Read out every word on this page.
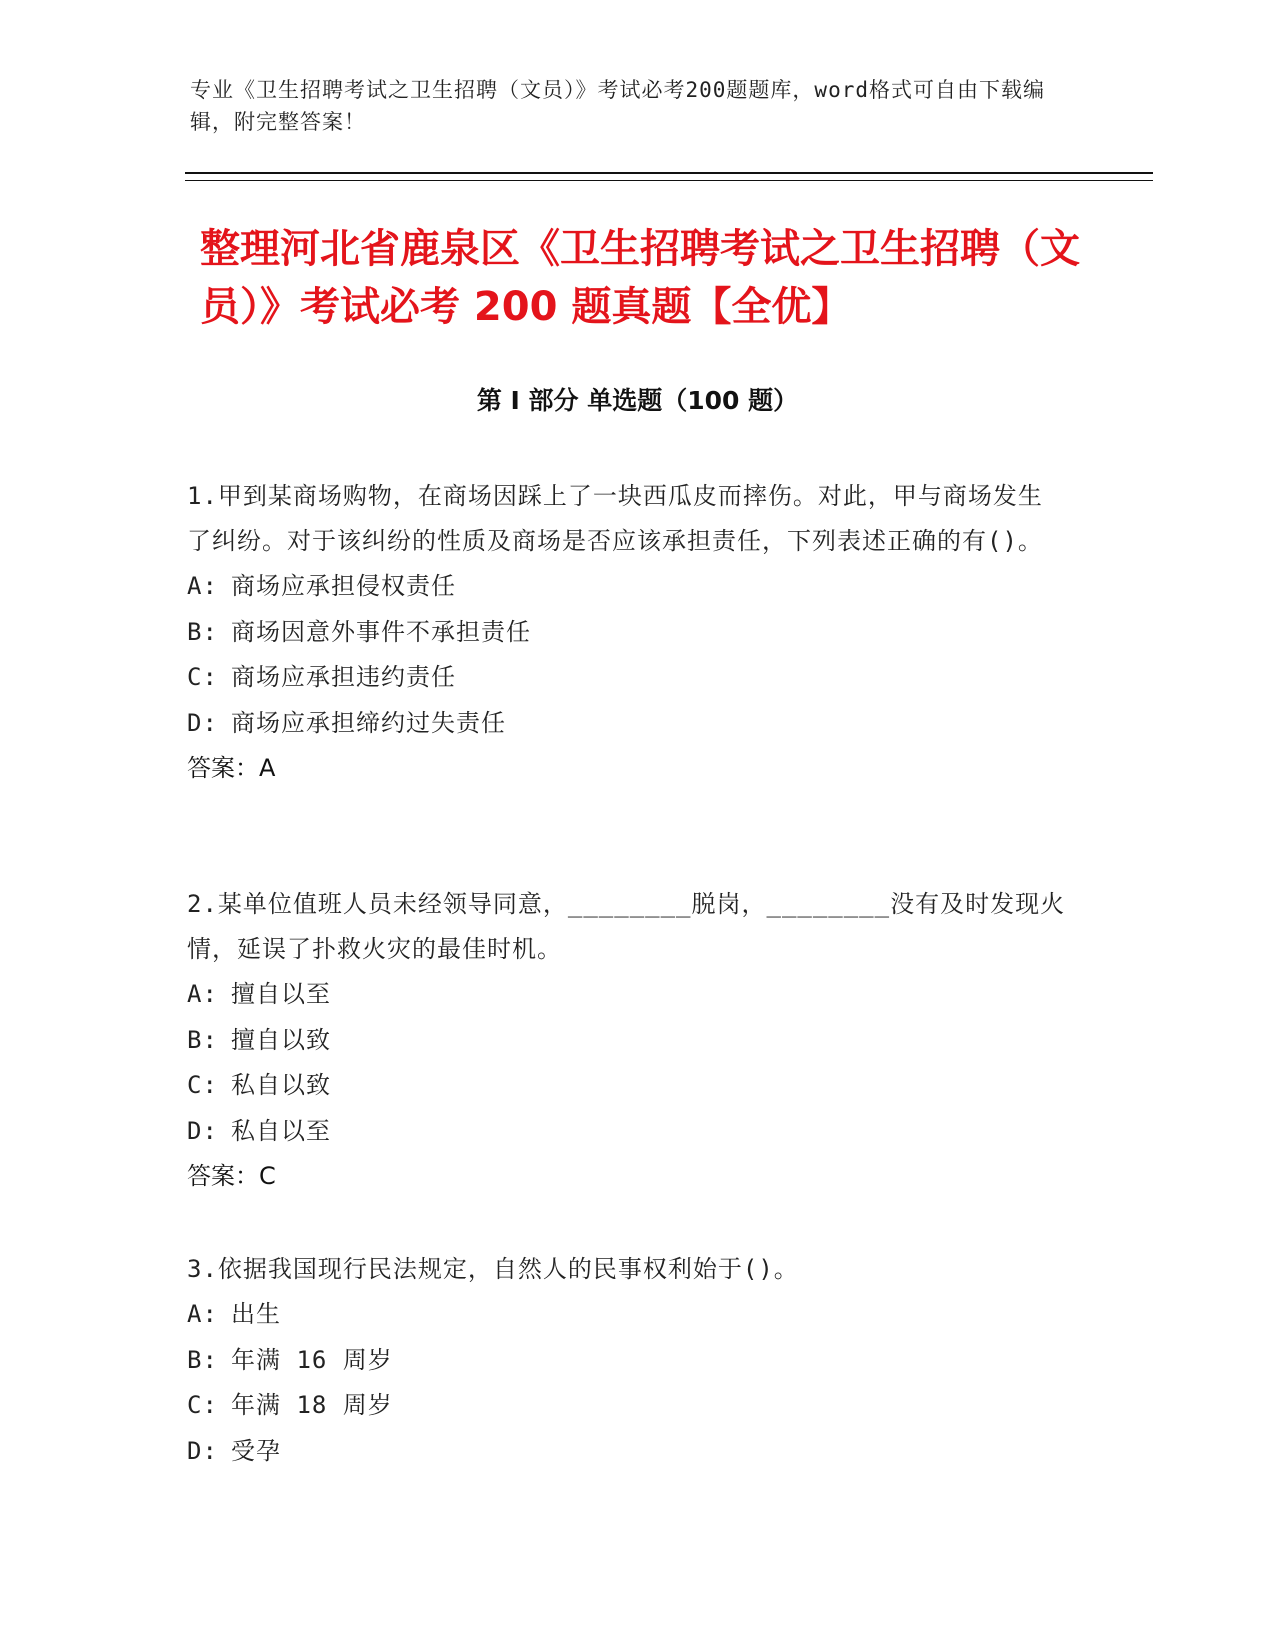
专业《卫生招聘考试之卫生招聘（文员）》考试必考200题题库，word格式可自由下载编辑，附完整答案！
整理河北省鹿泉区《卫生招聘考试之卫生招聘（文员）》考试必考 200 题真题【全优】
第 I 部分 单选题（100 题）
1.甲到某商场购物，在商场因踩上了一块西瓜皮而摔伤。对此，甲与商场发生了纠纷。对于该纠纷的性质及商场是否应该承担责任，下列表述正确的有()。
A: 商场应承担侵权责任
B: 商场因意外事件不承担责任
C: 商场应承担违约责任
D: 商场应承担缔约过失责任
答案：A
2.某单位值班人员未经领导同意，________脱岗，________没有及时发现火情，延误了扑救火灾的最佳时机。
A: 擅自以至
B: 擅自以致
C: 私自以致
D: 私自以至
答案：C
3.依据我国现行民法规定，自然人的民事权利始于()。
A: 出生
B: 年满 16 周岁
C: 年满 18 周岁
D: 受孕
